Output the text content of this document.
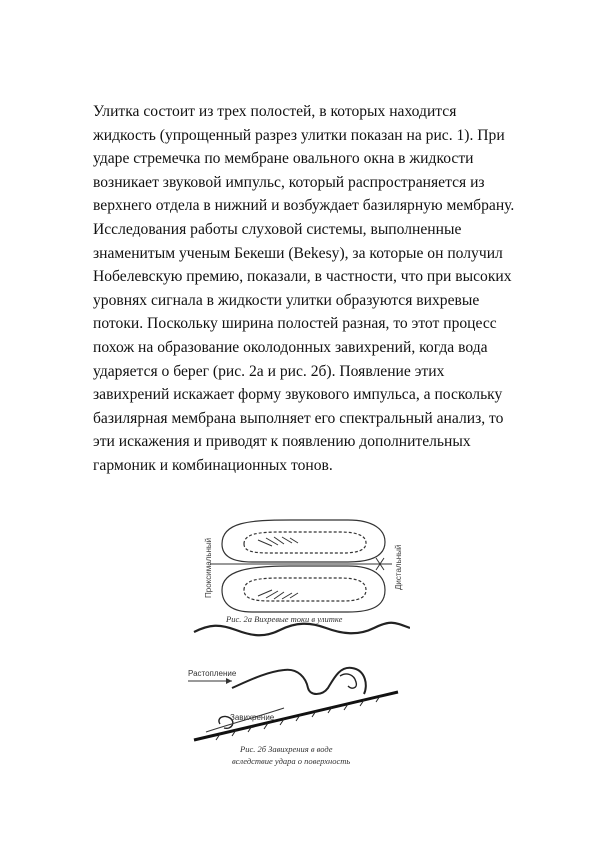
Улитка состоит из трех полостей, в которых находится
жидкость (упрощенный разрез улитки показан на рис. 1). При
ударе стремечка по мембране овального окна в жидкости
возникает звуковой импульс, который распространяется из
верхнего отдела в нижний и возбуждает базилярную мембрану.
Исследования работы слуховой системы, выполненные
знаменитым ученым Бекеши (Bekesy), за которые он получил
Нобелевскую премию, показали, в частности, что при высоких
уровнях сигнала в жидкости улитки образуются вихревые
потоки. Поскольку ширина полостей разная, то этот процесс
похож на образование околодонных завихрений, когда вода
ударяется о берег (рис. 2а и рис. 2б). Появление этих
завихрений искажает форму звукового импульса, а поскольку
базилярная мембрана выполняет его спектральный анализ, то
эти искажения и приводят к появлению дополнительных
гармоник и комбинационных тонов.
Проксимальный	Дистальный
Рис. 2а Вихревые токи в улитке
Растопление
Завихрение
Рис. 2б Завихрения в воде
вследствие удара о поверхность
